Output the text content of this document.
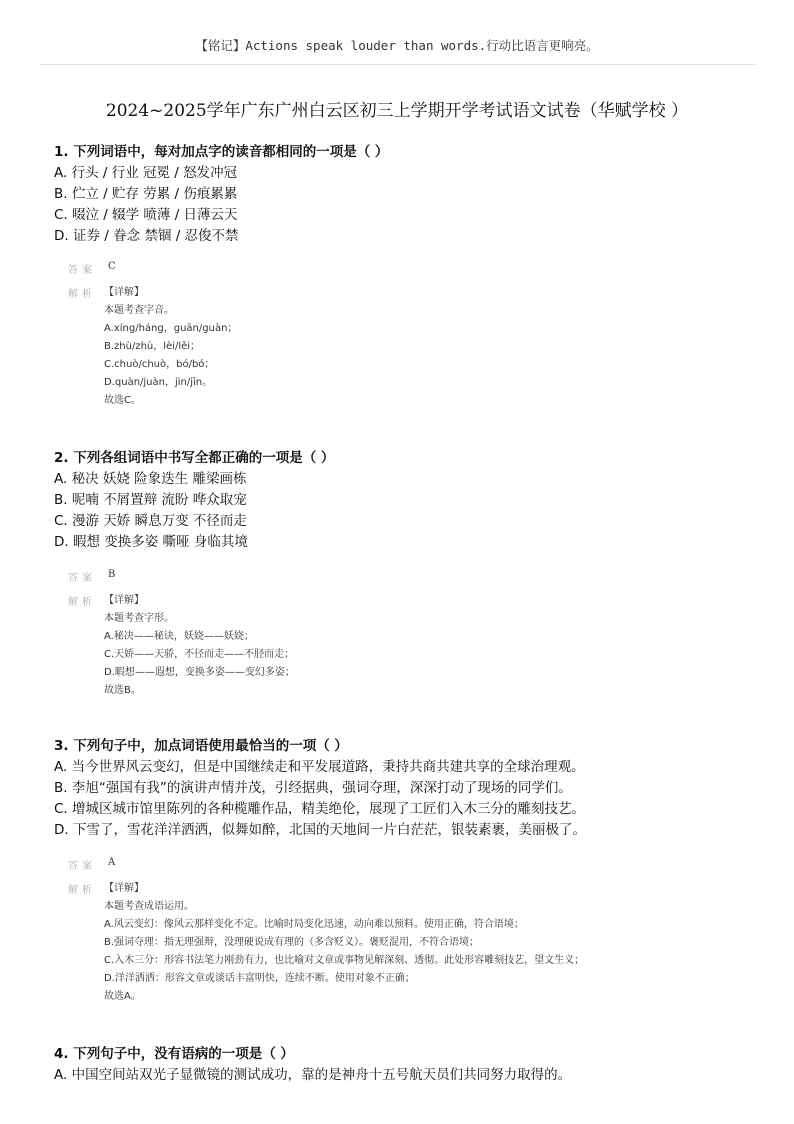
【铭记】Actions speak louder than words.行动比语言更响亮。
2024~2025学年广东广州白云区初三上学期开学考试语文试卷（华赋学校 ）
1. 下列词语中，每对加点字的读音都相同的一项是（ ）
A. 行头 / 行业 冠冕 / 怒发冲冠
B. 伫立 / 贮存 劳累 / 伤痕累累
C. 啜泣 / 辍学 喷薄 / 日薄云天
D. 证券 / 眷念 禁锢 / 忍俊不禁
答案 C
解析 【详解】
本题考查字音。
A.xíng/háng，guān/guàn；
B.zhù/zhù，lèi/lěi；
C.chuò/chuò，bó/bó；
D.quàn/juàn，jìn/jīn。
故选C。
2. 下列各组词语中书写全都正确的一项是（ ）
A. 秘决 妖娆 险象迭生 雕梁画栋
B. 呢喃 不屑置辩 流盼 哗众取宠
C. 漫游 天娇 瞬息万变 不径而走
D. 暇想 变换多姿 嘶哑 身临其境
答案 B
解析 【详解】
本题考查字形。
A.秘决——秘诀，妖娆——妖娆；
C.天娇——天骄，不径而走——不胫而走；
D.暇想——遐想，变换多姿——变幻多姿；
故选B。
3. 下列句子中，加点词语使用最恰当的一项（ ）
A. 当今世界风云变幻，但是中国继续走和平发展道路，秉持共商共建共享的全球治理观。
B. 李旭“强国有我”的演讲声情并茂，引经据典，强词夺理，深深打动了现场的同学们。
C. 增城区城市馆里陈列的各种榄雕作品，精美绝伦，展现了工匠们入木三分的雕刻技艺。
D. 下雪了，雪花洋洋洒洒，似舞如醉，北国的天地间一片白茫茫，银装素裹，美丽极了。
答案 A
解析 【详解】
本题考查成语运用。
A.风云变幻：像风云那样变化不定。比喻时局变化迅速，动向难以预料。使用正确，符合语境；
B.强词夺理：指无理强辩，没理硬说成有理的（多含贬义）。褒贬混用，不符合语境；
C.入木三分：形容书法笔力刚劲有力，也比喻对文章或事物见解深刻、透彻。此处形容雕刻技艺，望文生义；
D.洋洋洒洒：形容文章或谈话丰富明快，连续不断。使用对象不正确；
故选A。
4. 下列句子中，没有语病的一项是（ ）
A. 中国空间站双光子显微镜的测试成功，靠的是神舟十五号航天员们共同努力取得的。
